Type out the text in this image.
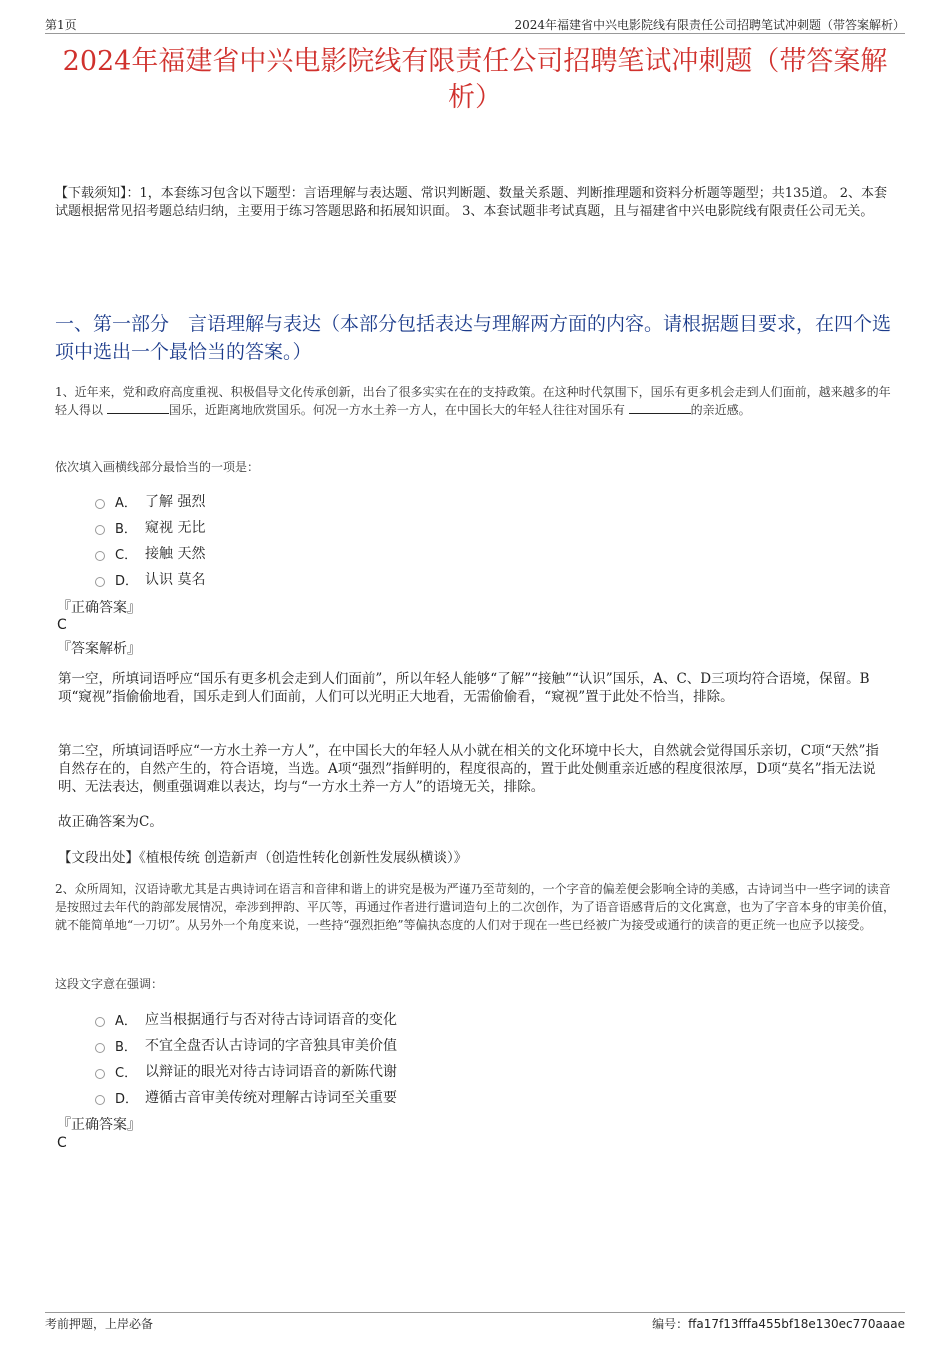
第1页	2024年福建省中兴电影院线有限责任公司招聘笔试冲刺题（带答案解析）
2024年福建省中兴电影院线有限责任公司招聘笔试冲刺题（带答案解析）
【下载须知】：1，本套练习包含以下题型：言语理解与表达题、常识判断题、数量关系题、判断推理题和资料分析题等题型；共135道。 2、本套试题根据常见招考题总结归纳，主要用于练习答题思路和拓展知识面。 3、本套试题非考试真题，且与福建省中兴电影院线有限责任公司无关。
一、第一部分　言语理解与表达（本部分包括表达与理解两方面的内容。请根据题目要求，在四个选项中选出一个最恰当的答案。）
1、近年来，党和政府高度重视、积极倡导文化传承创新，出台了很多实实在在的支持政策。在这种时代氛围下，国乐有更多机会走到人们面前，越来越多的年轻人得以	国乐，近距离地欣赏国乐。何况一方水土养一方人，在中国长大的年轻人往往对国乐有	的亲近感。
依次填入画横线部分最恰当的一项是：
A． 了解 强烈
B． 窥视 无比
C． 接触 天然
D． 认识 莫名
『正确答案』
C
『答案解析』
第一空，所填词语呼应“国乐有更多机会走到人们面前”，所以年轻人能够“了解”“接触”“认识”国乐，A、C、D三项均符合语境，保留。B项“窥视”指偷偷地看，国乐走到人们面前，人们可以光明正大地看，无需偷偷看，“窥视”置于此处不恰当，排除。
第二空，所填词语呼应“一方水土养一方人”，在中国长大的年轻人从小就在相关的文化环境中长大，自然就会觉得国乐亲切，C项“天然”指自然存在的，自然产生的，符合语境，当选。A项“强烈”指鲜明的，程度很高的，置于此处侧重亲近感的程度很浓厚，D项“莫名”指无法说明、无法表达，侧重强调难以表达，均与“一方水土养一方人”的语境无关，排除。
故正确答案为C。
【文段出处】《植根传统 创造新声（创造性转化创新性发展纵横谈）》
2、众所周知，汉语诗歌尤其是古典诗词在语言和音律和谐上的讲究是极为严谨乃至苛刻的，一个字音的偏差便会影响全诗的美感，古诗词当中一些字词的读音是按照过去年代的韵部发展情况，牵涉到押韵、平仄等，再通过作者进行遣词造句上的二次创作，为了语音语感背后的文化寓意，也为了字音本身的审美价值，就不能简单地“一刀切”。从另外一个角度来说，一些持“强烈拒绝”等偏执态度的人们对于现在一些已经被广为接受或通行的读音的更正统一也应予以接受。
这段文字意在强调：
A． 应当根据通行与否对待古诗词语音的变化
B． 不宜全盘否认古诗词的字音独具审美价值
C． 以辩证的眼光对待古诗词语音的新陈代谢
D． 遵循古音审美传统对理解古诗词至关重要
『正确答案』
C
考前押题，上岸必备	编号：ffa17f13fffa455bf18e130ec770aaae
